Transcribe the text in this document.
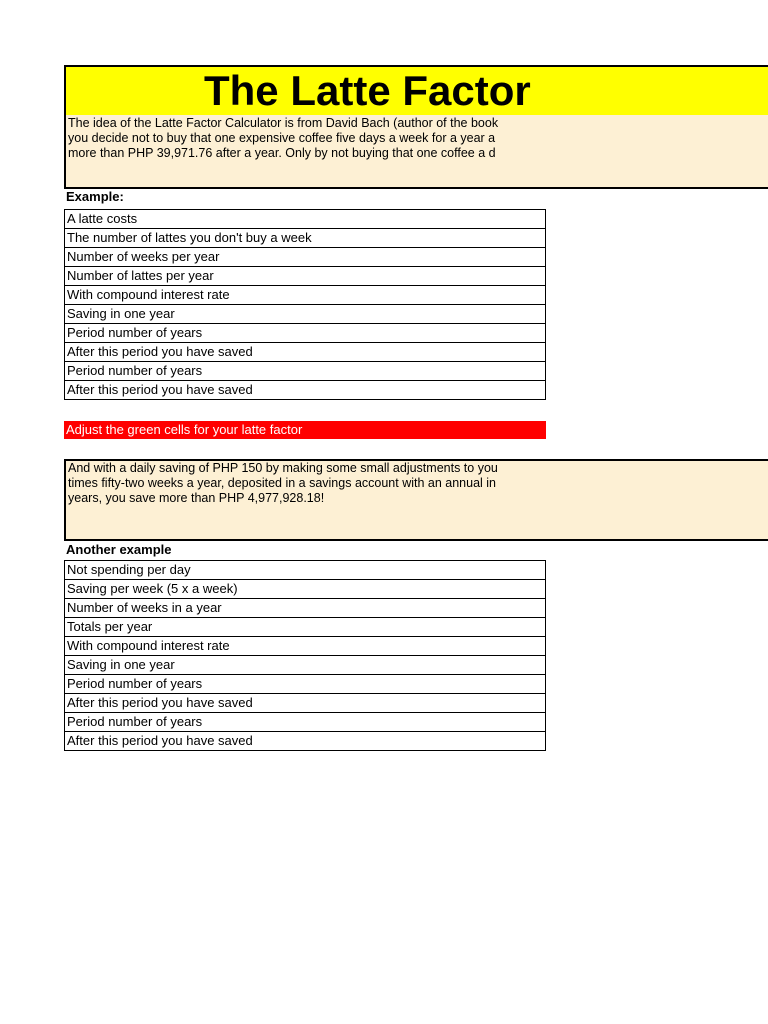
The Latte Factor
The idea of the Latte Factor Calculator is from David Bach (author of the book
you decide not to buy that one expensive coffee five days a week for a year a
more than PHP 39,971.76 after a year. Only by not buying that one coffee a d
Example:
A latte costs
The number of lattes you don't buy a week
Number of weeks per year
Number of lattes per year
With compound interest rate
Saving in one year
Period number of years
After this period you have saved
Period number of years
After this period you have saved
Adjust the green cells for your latte factor
And with a daily saving of PHP 150 by making some small adjustments to you
times fifty-two weeks a year, deposited in a savings account with an annual in
years, you save more than PHP 4,977,928.18!
Another example
Not spending per day
Saving per week (5 x a week)
Number of weeks in a year
Totals per year
With compound interest rate
Saving in one year
Period number of years
After this period you have saved
Period number of years
After this period you have saved
